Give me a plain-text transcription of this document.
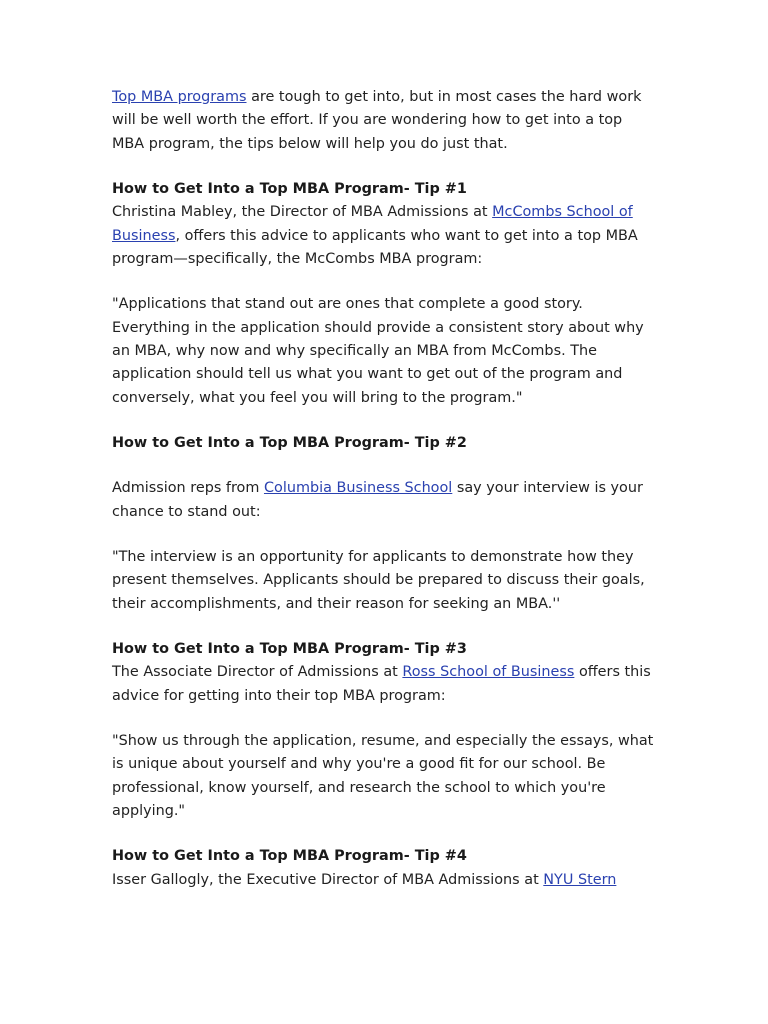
Top MBA programs are tough to get into, but in most cases the hard work will be well worth the effort. If you are wondering how to get into a top MBA program, the tips below will help you do just that.

How to Get Into a Top MBA Program- Tip #1

Christina Mabley, the Director of MBA Admissions at McCombs School of Business, offers this advice to applicants who want to get into a top MBA program—specifically, the McCombs MBA program:

"Applications that stand out are ones that complete a good story. Everything in the application should provide a consistent story about why an MBA, why now and why specifically an MBA from McCombs. The application should tell us what you want to get out of the program and conversely, what you feel you will bring to the program."

How to Get Into a Top MBA Program- Tip #2

Admission reps from Columbia Business School say your interview is your chance to stand out:

"The interview is an opportunity for applicants to demonstrate how they present themselves. Applicants should be prepared to discuss their goals, their accomplishments, and their reason for seeking an MBA.''

How to Get Into a Top MBA Program- Tip #3

The Associate Director of Admissions at Ross School of Business offers this advice for getting into their top MBA program:

"Show us through the application, resume, and especially the essays, what is unique about yourself and why you're a good fit for our school. Be professional, know yourself, and research the school to which you're applying."

How to Get Into a Top MBA Program- Tip #4

Isser Gallogly, the Executive Director of MBA Admissions at NYU Stern
